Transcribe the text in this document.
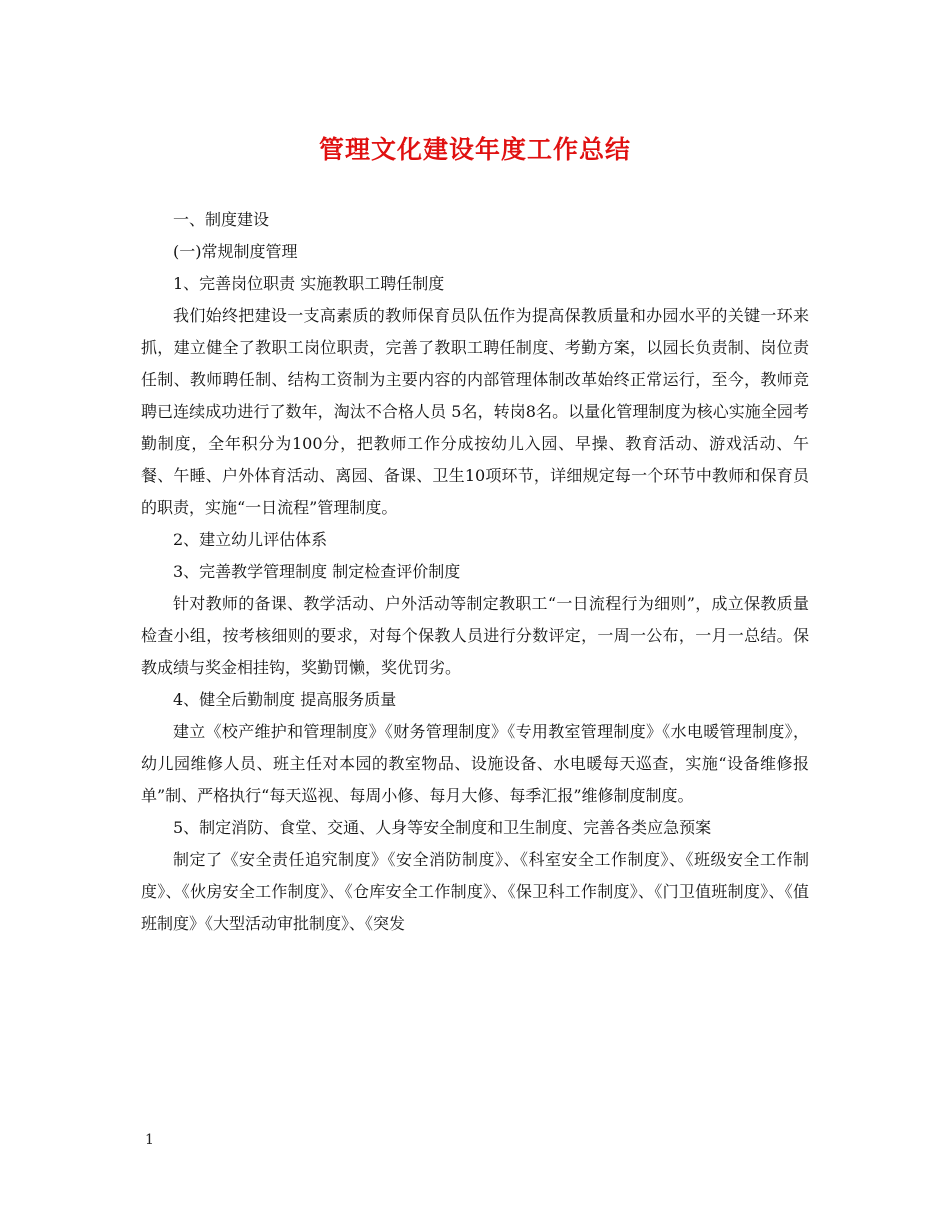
管理文化建设年度工作总结

一、制度建设

(一)常规制度管理

1、完善岗位职责 实施教职工聘任制度

我们始终把建设一支高素质的教师保育员队伍作为提高保教质量和办园水平的关键一环来抓，建立健全了教职工岗位职责，完善了教职工聘任制度、考勤方案，以园长负责制、岗位责任制、教师聘任制、结构工资制为主要内容的内部管理体制改革始终正常运行，至今，教师竞聘已连续成功进行了数年，淘汰不合格人员 5名，转岗8名。以量化管理制度为核心实施全园考勤制度，全年积分为100分，把教师工作分成按幼儿入园、早操、教育活动、游戏活动、午餐、午睡、户外体育活动、离园、备课、卫生10项环节，详细规定每一个环节中教师和保育员的职责，实施“一日流程”管理制度。

2、建立幼儿评估体系

3、完善教学管理制度 制定检查评价制度

针对教师的备课、教学活动、户外活动等制定教职工“一日流程行为细则”，成立保教质量检查小组，按考核细则的要求，对每个保教人员进行分数评定，一周一公布，一月一总结。保教成绩与奖金相挂钩，奖勤罚懒，奖优罚劣。

4、健全后勤制度 提高服务质量

建立《校产维护和管理制度》《财务管理制度》《专用教室管理制度》《水电暖管理制度》，幼儿园维修人员、班主任对本园的教室物品、设施设备、水电暖每天巡查，实施“设备维修报单”制、严格执行“每天巡视、每周小修、每月大修、每季汇报”维修制度制度。

5、制定消防、食堂、交通、人身等安全制度和卫生制度、完善各类应急预案

制定了《安全责任追究制度》《安全消防制度》、《科室安全工作制度》、《班级安全工作制度》、《伙房安全工作制度》、《仓库安全工作制度》、《保卫科工作制度》、《门卫值班制度》、《值班制度》《大型活动审批制度》、《突发

1
